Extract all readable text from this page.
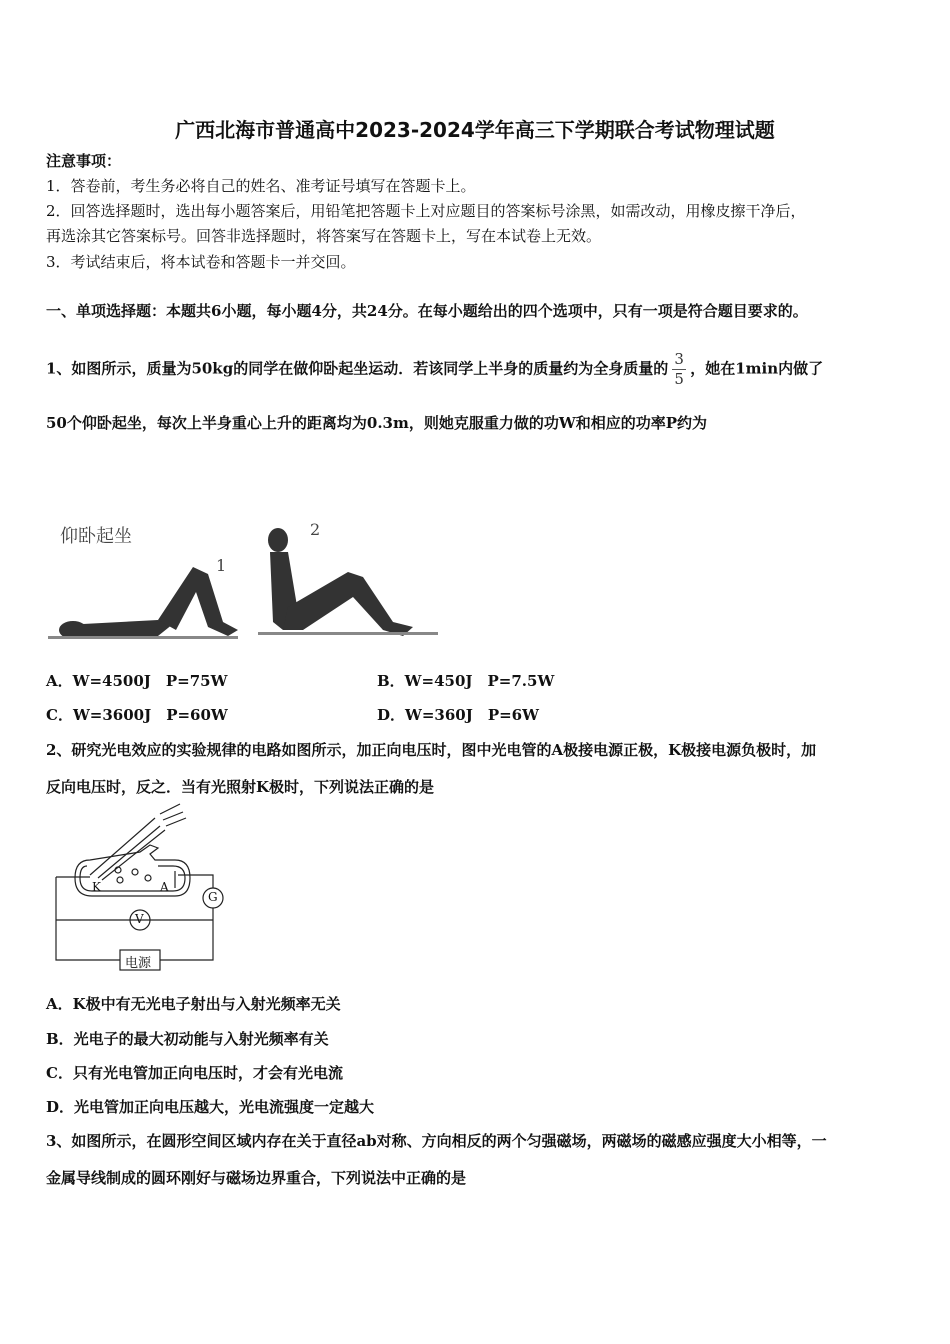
广西北海市普通高中2023-2024学年高三下学期联合考试物理试题
注意事项：
1．答卷前，考生务必将自己的姓名、准考证号填写在答题卡上。
2．回答选择题时，选出每小题答案后，用铅笔把答题卡上对应题目的答案标号涂黑，如需改动，用橡皮擦干净后，
再选涂其它答案标号。回答非选择题时，将答案写在答题卡上，写在本试卷上无效。
3．考试结束后，将本试卷和答题卡一并交回。
一、单项选择题：本题共6小题，每小题4分，共24分。在每小题给出的四个选项中，只有一项是符合题目要求的。
1、如图所示，质量为50kg的同学在做仰卧起坐运动．若该同学上半身的质量约为全身质量的 $\frac{3}{5}$ ，她在1min内做了
50个仰卧起坐，每次上半身重心上升的距离均为0.3m，则她克服重力做的功W和相应的功率P约为
仰卧起坐
1
2
A．W=4500J　P=75W	B．W=450J　P=7.5W
C．W=3600J　P=60W	D．W=360J　P=6W
2、研究光电效应的实验规律的电路如图所示，加正向电压时，图中光电管的A极接电源正极，K极接电源负极时，加
反向电压时，反之．当有光照射K极时，下列说法正确的是
K	A
G
V
电源
A．K极中有无光电子射出与入射光频率无关
B．光电子的最大初动能与入射光频率有关
C．只有光电管加正向电压时，才会有光电流
D．光电管加正向电压越大，光电流强度一定越大
3、如图所示，在圆形空间区域内存在关于直径ab对称、方向相反的两个匀强磁场，两磁场的磁感应强度大小相等，一
金属导线制成的圆环刚好与磁场边界重合，下列说法中正确的是
